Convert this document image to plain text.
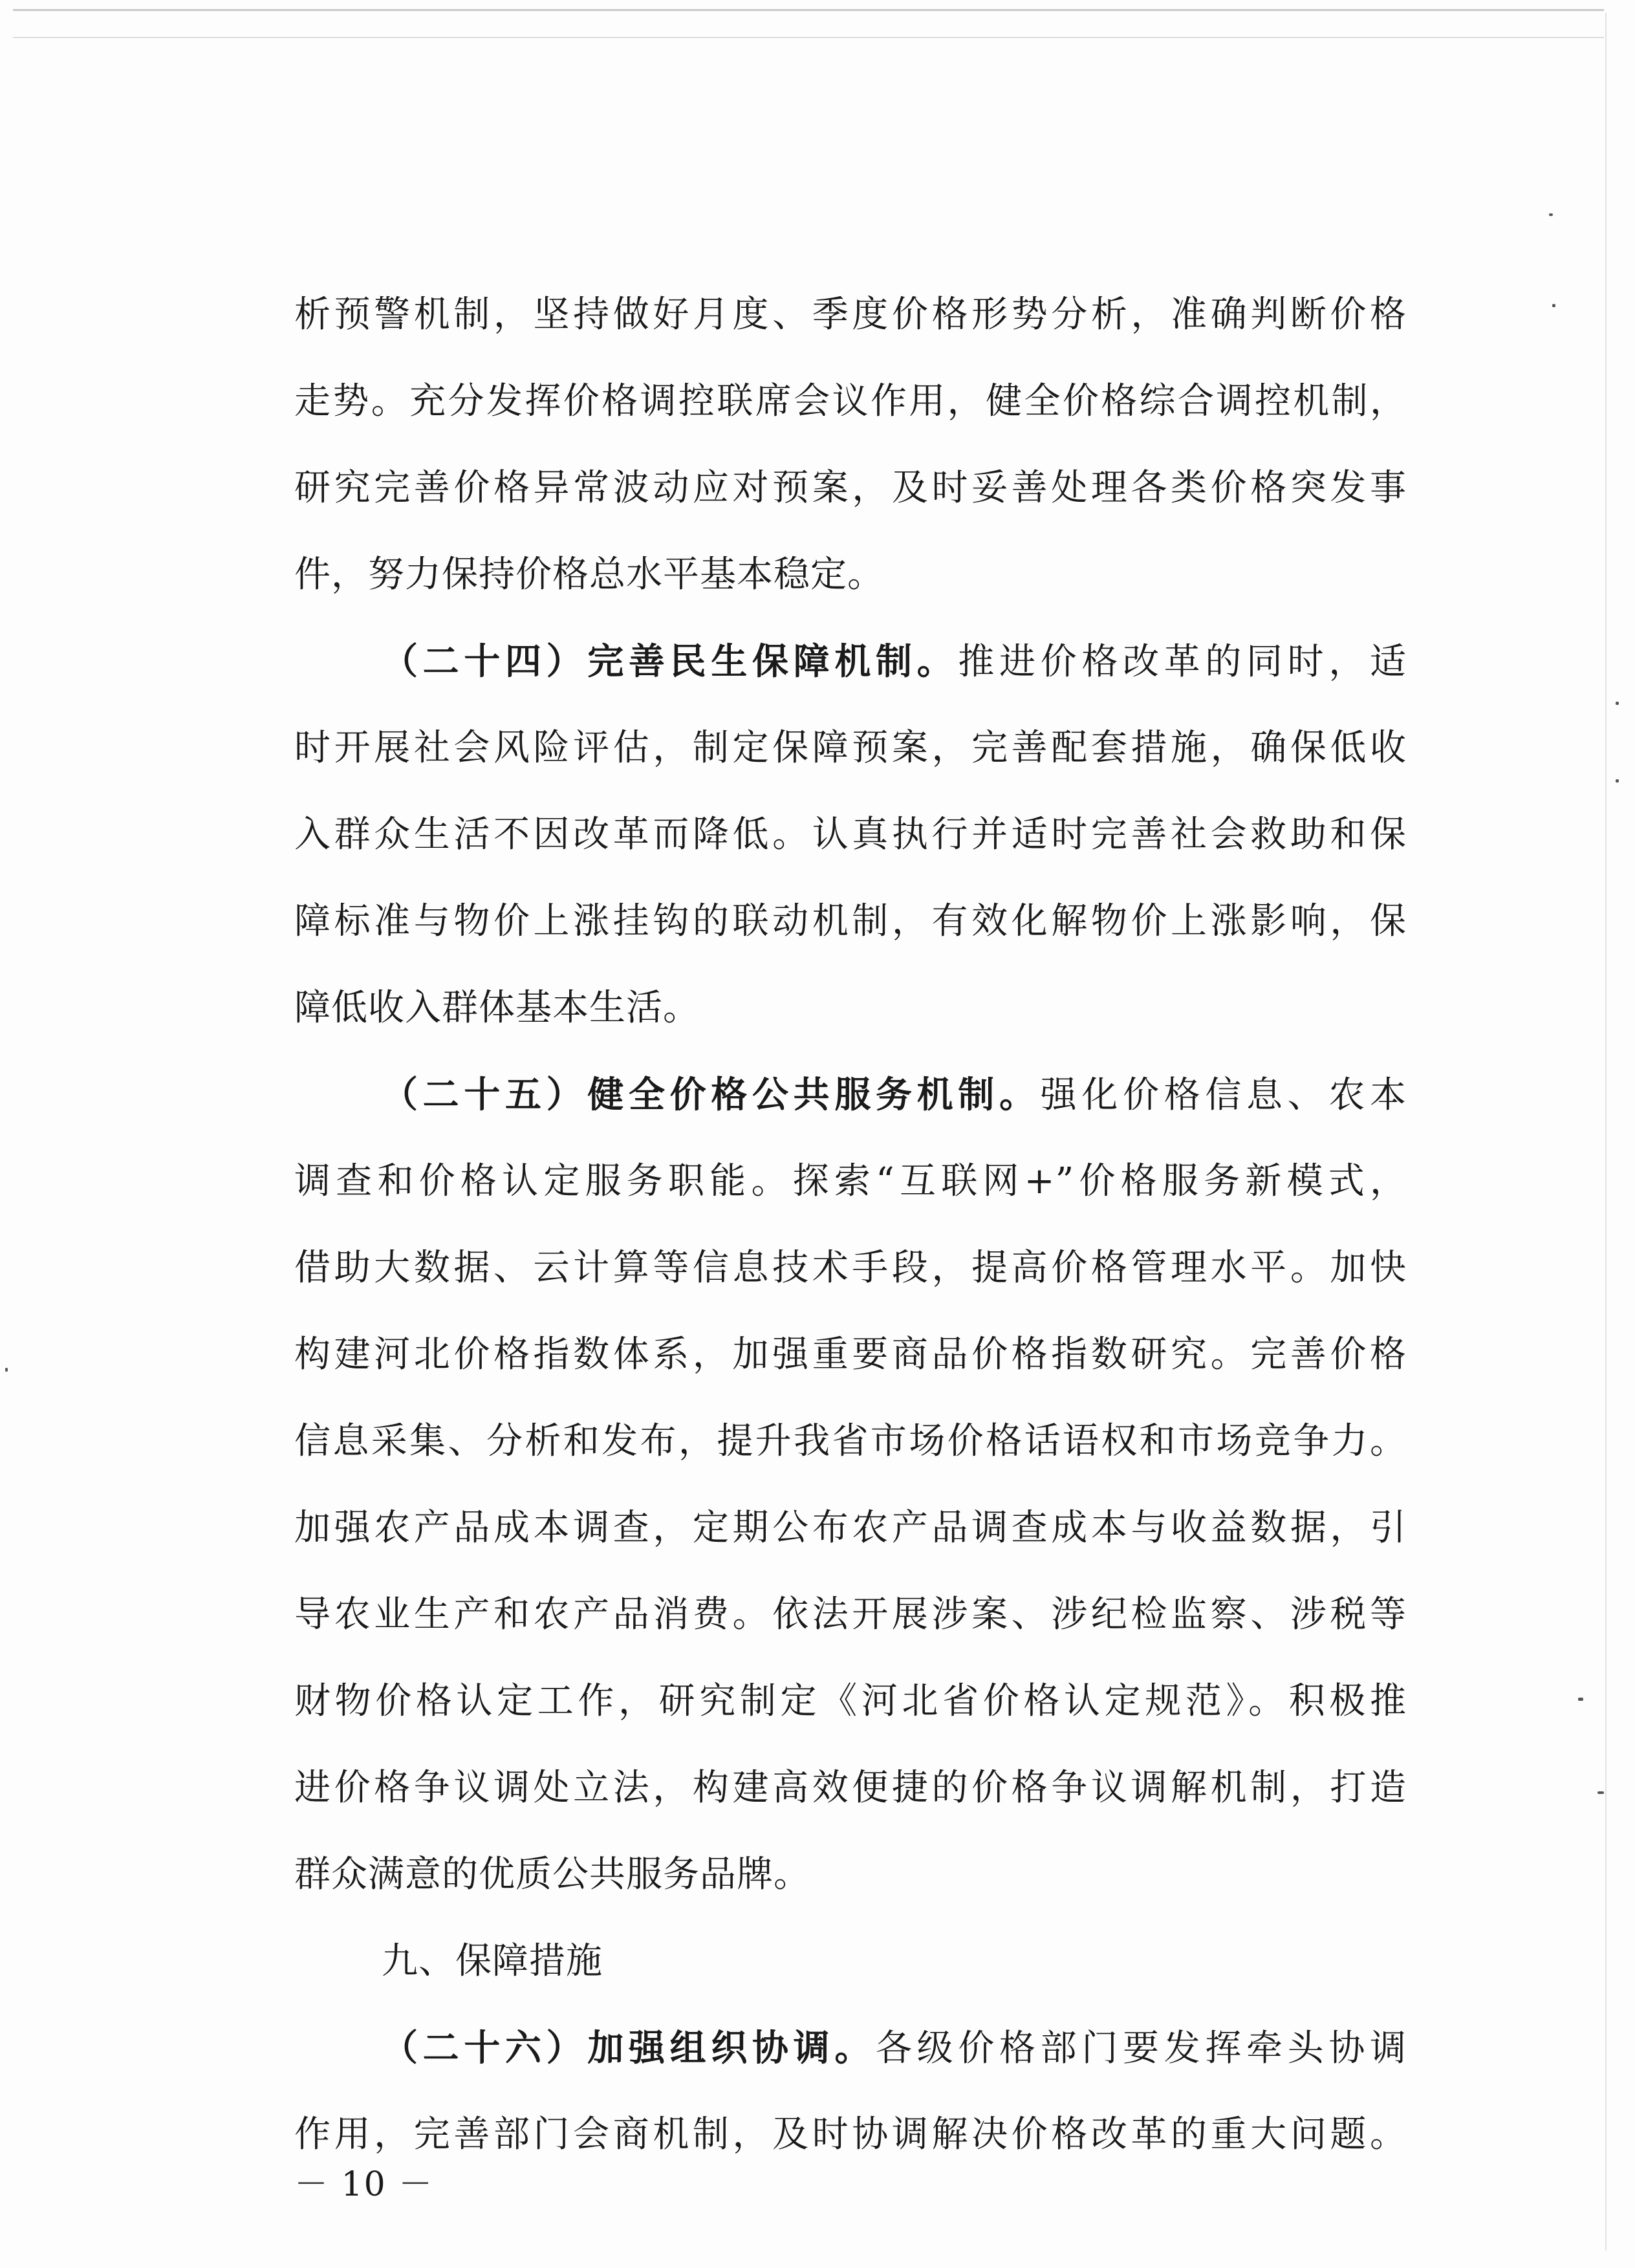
析预警机制，坚持做好月度、季度价格形势分析，准确判断价格
走势。充分发挥价格调控联席会议作用，健全价格综合调控机制，
研究完善价格异常波动应对预案，及时妥善处理各类价格突发事
件，努力保持价格总水平基本稳定。
（二十四）完善民生保障机制。推进价格改革的同时，适
时开展社会风险评估，制定保障预案，完善配套措施，确保低收
入群众生活不因改革而降低。认真执行并适时完善社会救助和保
障标准与物价上涨挂钩的联动机制，有效化解物价上涨影响，保
障低收入群体基本生活。
（二十五）健全价格公共服务机制。强化价格信息、农本
调查和价格认定服务职能。探索“互联网+”价格服务新模式，
借助大数据、云计算等信息技术手段，提高价格管理水平。加快
构建河北价格指数体系，加强重要商品价格指数研究。完善价格
信息采集、分析和发布，提升我省市场价格话语权和市场竞争力。
加强农产品成本调查，定期公布农产品调查成本与收益数据，引
导农业生产和农产品消费。依法开展涉案、涉纪检监察、涉税等
财物价格认定工作，研究制定《河北省价格认定规范》。积极推
进价格争议调处立法，构建高效便捷的价格争议调解机制，打造
群众满意的优质公共服务品牌。
九、保障措施
（二十六）加强组织协调。各级价格部门要发挥牵头协调
作用，完善部门会商机制，及时协调解决价格改革的重大问题。
－ 10 －
